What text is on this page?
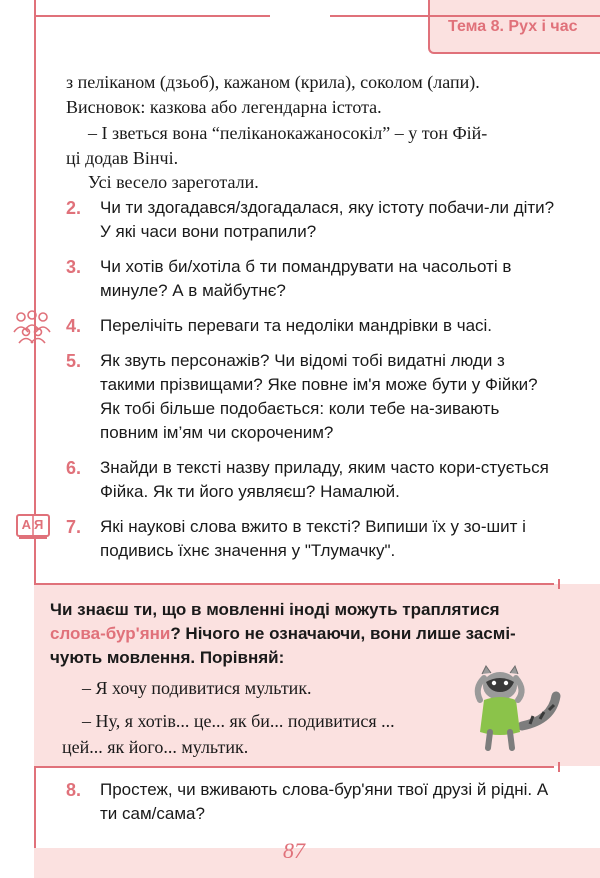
Тема 8. Рух і час
з пеліканом (дзьоб), кажаном (крила), соколом (лапи).
Висновок: казкова або легендарна істота.
– І зветься вона “пеліканокажаносокіл” – у тон Фій-
ці додав Вінчі.
Усі весело зареготали.
АЯ
2.	Чи ти здогадався/здогадалася, яку істоту побачи-ли діти? У які часи вони потрапили?
3.	Чи хотів би/хотіла б ти помандрувати на часольоті в минуле? А в майбутнє?
4.	Перелічіть переваги та недоліки мандрівки в часі.
5.	Як звуть персонажів? Чи відомі тобі видатні люди з такими прізвищами? Яке повне ім'я може бути у Фійки? Як тобі більше подобається: коли тебе на-зивають повним ім’ям чи скороченим?
6.	Знайди в тексті назву приладу, яким часто кори-стується Фійка. Як ти його уявляєш? Намалюй.
7.	Які наукові слова вжито в тексті? Випиши їх у зо-шит і подивись їхнє значення у "Тлумачку".
Чи знаєш ти, що в мовленні іноді можуть траплятися слова-бур'яни? Нічого не означаючи, вони лише засмі-чують мовлення. Порівняй:
– Я хочу подивитися мультик.
– Ну, я хотів... це... як би... подивитися ...
цей... як його... мультик.
8.	Простеж, чи вживають слова-бур'яни твої друзі й рідні. А ти сам/сама?
87
